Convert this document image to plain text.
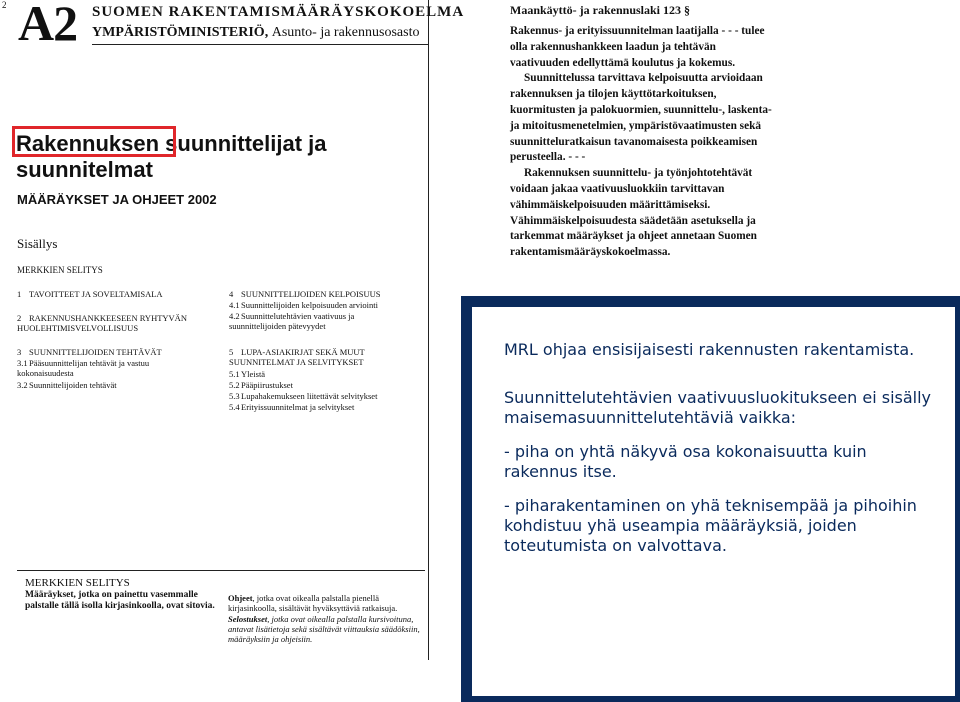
2 A2 SUOMEN RAKENTAMISMÄÄRÄYSKOKOELMA
YMPÄRISTÖMINISTERIÖ, Asunto- ja rakennusosasto
Rakennuksen suunnittelijat ja
suunnitelmat
MÄÄRÄYKSET JA OHJEET 2002
Sisällys
MERKKIEN SELITYS
1 TAVOITTEET JA SOVELTAMISALA
2 RAKENNUSHANKKEESEEN RYHTYVÄN HUOLEHTIMISVELVOLLISUUS
3 SUUNNITTELIJOIDEN TEHTÄVÄT
3.1Pääsuunnittelijan tehtävät ja vastuu kokonaisuudesta
3.2Suunnittelijoiden tehtävät
4 SUUNNITTELIJOIDEN KELPOISUUS
4.1Suunnittelijoiden kelpoisuuden arviointi
4.2Suunnittelutehtävien vaativuus ja suunnittelijoiden pätevyydet
5 LUPA-ASIAKIRJAT SEKÄ MUUT SUUNNITELMAT JA SELVITYKSET
5.1Yleistä
5.2Pääpiirustukset
5.3Lupahakemukseen liitettävät selvitykset
5.4Erityissuunnitelmat ja selvitykset
MERKKIEN SELITYS
Määräykset, jotka on painettu vasemmalle palstalle tällä isolla kirjasinkoolla, ovat sitovia.
Ohjeet, jotka ovat oikealla palstalla pienellä kirjasinkoolla, sisältävät hyväksyttäviä ratkaisuja.
Selostukset, jotka ovat oikealla palstalla kursivoituna, antavat lisätietoja sekä sisältävät viittauksia säädöksiin, määräyksiin ja ohjeisiin.
Maankäyttö- ja rakennuslaki 123 §

Rakennus- ja erityissuunnitelman laatijalla - - - tulee olla rakennushankkeen laadun ja tehtävän vaativuuden edellyttämä koulutus ja kokemus.

Suunnittelussa tarvittava kelpoisuutta arvioidaan rakennuksen ja tilojen käyttötarkoituksen, kuormitusten ja palokuormien, suunnittelu-, laskenta- ja mitoitusmenetelmien, ympäristövaatimusten sekä suunnitteluratkaisun tavanomaisesta poikkeamisen perusteella. - - -

Rakennuksen suunnittelu- ja työnjohtotehtävät voidaan jakaa vaativuusluokkiin tarvittavan vähimmäiskelpoisuuden määrittämiseksi. Vähimmäiskelpoisuudesta säädetään asetuksella ja tarkemmat määräykset ja ohjeet annetaan Suomen rakentamismääräyskokoelmassa.

MRL ohjaa ensisijaisesti rakennusten rakentamista.

Suunnittelutehtävien vaativuusluokitukseen ei sisälly maisemasuunnittelutehtäviä vaikka:

- piha on yhtä näkyvä osa kokonaisuutta kuin rakennus itse.

- piharakentaminen on yhä teknisempää ja pihoihin kohdistuu yhä useampia määräyksiä, joiden toteutumista on valvottava.
